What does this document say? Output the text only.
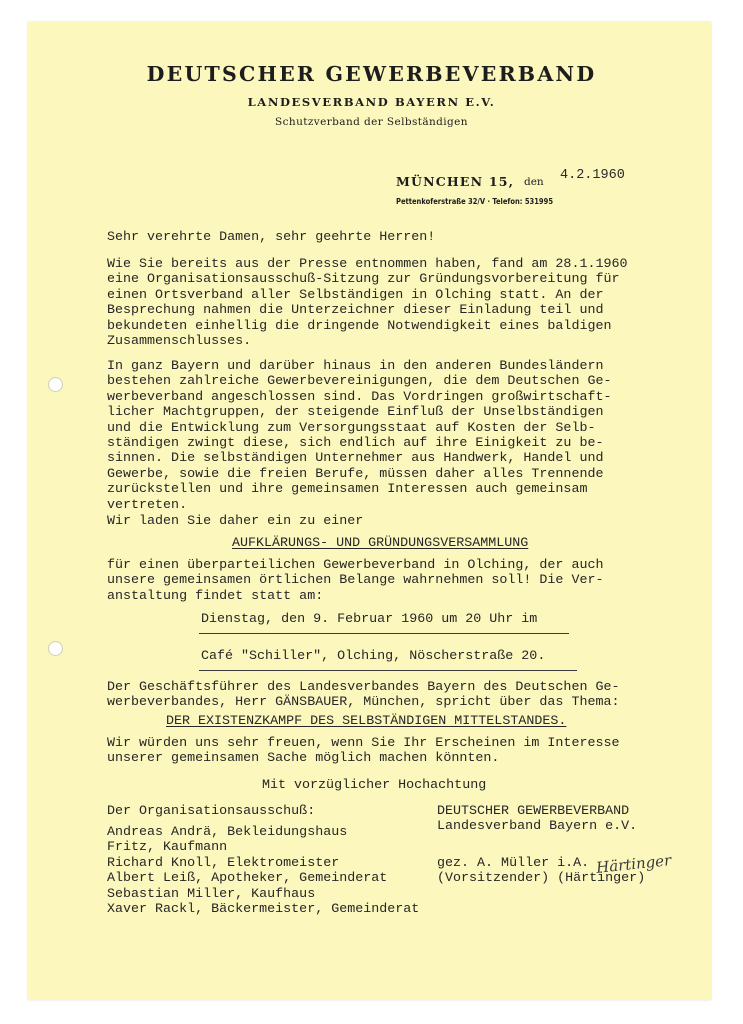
DEUTSCHER GEWERBEVERBAND
LANDESVERBAND BAYERN E.V.
Schutzverband der Selbständigen
MÜNCHEN 15, den 4.2.1960
Pettenkoferstraße 32/V · Telefon: 531995
Sehr verehrte Damen, sehr geehrte Herren!
Wie Sie bereits aus der Presse entnommen haben, fand am 28.1.1960
eine Organisationsausschuß-Sitzung zur Gründungsvorbereitung für
einen Ortsverband aller Selbständigen in Olching statt. An der
Besprechung nahmen die Unterzeichner dieser Einladung teil und
bekundeten einhellig die dringende Notwendigkeit eines baldigen
Zusammenschlusses.
In ganz Bayern und darüber hinaus in den anderen Bundesländern
bestehen zahlreiche Gewerbevereinigungen, die dem Deutschen Ge-
werbeverband angeschlossen sind. Das Vordringen großwirtschaft-
licher Machtgruppen, der steigende Einfluß der Unselbständigen
und die Entwicklung zum Versorgungsstaat auf Kosten der Selb-
ständigen zwingt diese, sich endlich auf ihre Einigkeit zu be-
sinnen. Die selbständigen Unternehmer aus Handwerk, Handel und
Gewerbe, sowie die freien Berufe, müssen daher alles Trennende
zurückstellen und ihre gemeinsamen Interessen auch gemeinsam
vertreten.
Wir laden Sie daher ein zu einer
AUFKLÄRUNGS- UND GRÜNDUNGSVERSAMMLUNG
für einen überparteilichen Gewerbeverband in Olching, der auch
unsere gemeinsamen örtlichen Belange wahrnehmen soll! Die Ver-
anstaltung findet statt am:
Dienstag, den 9. Februar 1960 um 20 Uhr im
Café "Schiller", Olching, Nöscherstraße 20.
Der Geschäftsführer des Landesverbandes Bayern des Deutschen Ge-
werbeverbandes, Herr GÄNSBAUER, München, spricht über das Thema:
DER EXISTENZKAMPF DES SELBSTÄNDIGEN MITTELSTANDES.
Wir würden uns sehr freuen, wenn Sie Ihr Erscheinen im Interesse
unserer gemeinsamen Sache möglich machen könnten.
Mit vorzüglicher Hochachtung
Der Organisationsausschuß:
Andreas Andrä, Bekleidungshaus
Fritz, Kaufmann
Richard Knoll, Elektromeister
Albert Leiß, Apotheker, Gemeinderat
Sebastian Miller, Kaufhaus
Xaver Rackl, Bäckermeister, Gemeinderat
DEUTSCHER GEWERBEVERBAND
Landesverband Bayern e.V.
gez. A. Müller i.A.
(Vorsitzender) (Härtinger)
Härtinger
